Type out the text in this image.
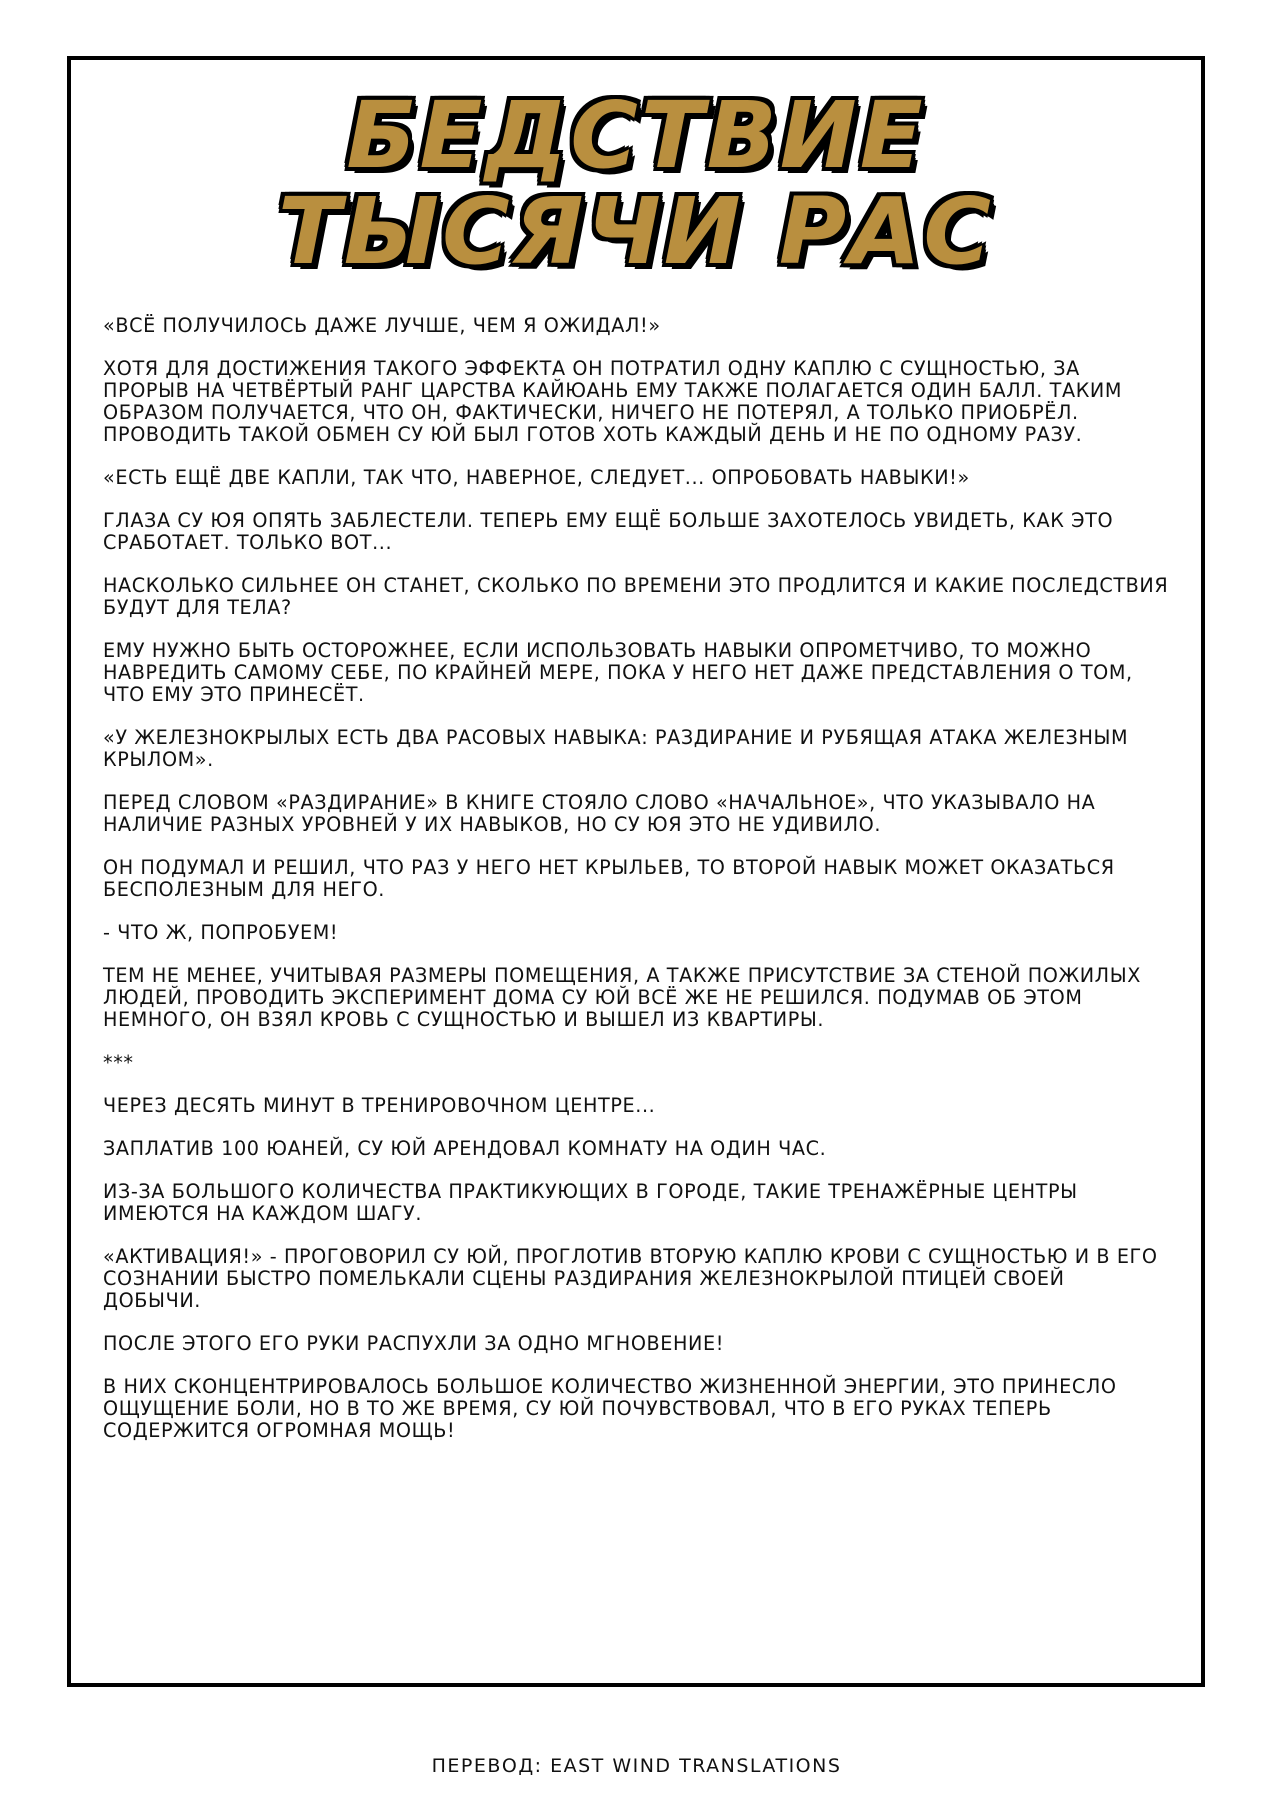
БЕДСТВИЕ
ТЫСЯЧИ РАС

«ВСЁ ПОЛУЧИЛОСЬ ДАЖЕ ЛУЧШЕ, ЧЕМ Я ОЖИДАЛ!»

ХОТЯ ДЛЯ ДОСТИЖЕНИЯ ТАКОГО ЭФФЕКТА ОН ПОТРАТИЛ ОДНУ КАПЛЮ С СУЩНОСТЬЮ, ЗА ПРОРЫВ НА ЧЕТВЁРТЫЙ РАНГ ЦАРСТВА КАЙЮАНЬ ЕМУ ТАКЖЕ ПОЛАГАЕТСЯ ОДИН БАЛЛ. ТАКИМ ОБРАЗОМ ПОЛУЧАЕТСЯ, ЧТО ОН, ФАКТИЧЕСКИ, НИЧЕГО НЕ ПОТЕРЯЛ, А ТОЛЬКО ПРИОБРЁЛ. ПРОВОДИТЬ ТАКОЙ ОБМЕН СУ ЮЙ БЫЛ ГОТОВ ХОТЬ КАЖДЫЙ ДЕНЬ И НЕ ПО ОДНОМУ РАЗУ.

«ЕСТЬ ЕЩЁ ДВЕ КАПЛИ, ТАК ЧТО, НАВЕРНОЕ, СЛЕДУЕТ... ОПРОБОВАТЬ НАВЫКИ!»

ГЛАЗА СУ ЮЯ ОПЯТЬ ЗАБЛЕСТЕЛИ. ТЕПЕРЬ ЕМУ ЕЩЁ БОЛЬШЕ ЗАХОТЕЛОСЬ УВИДЕТЬ, КАК ЭТО СРАБОТАЕТ. ТОЛЬКО ВОТ...

НАСКОЛЬКО СИЛЬНЕЕ ОН СТАНЕТ, СКОЛЬКО ПО ВРЕМЕНИ ЭТО ПРОДЛИТСЯ И КАКИЕ ПОСЛЕДСТВИЯ БУДУТ ДЛЯ ТЕЛА?

ЕМУ НУЖНО БЫТЬ ОСТОРОЖНЕЕ, ЕСЛИ ИСПОЛЬЗОВАТЬ НАВЫКИ ОПРОМЕТЧИВО, ТО МОЖНО НАВРЕДИТЬ САМОМУ СЕБЕ, ПО КРАЙНЕЙ МЕРЕ, ПОКА У НЕГО НЕТ ДАЖЕ ПРЕДСТАВЛЕНИЯ О ТОМ, ЧТО ЕМУ ЭТО ПРИНЕСЁТ.

«У ЖЕЛЕЗНОКРЫЛЫХ ЕСТЬ ДВА РАСОВЫХ НАВЫКА: РАЗДИРАНИЕ И РУБЯЩАЯ АТАКА ЖЕЛЕЗНЫМ КРЫЛОМ».

ПЕРЕД СЛОВОМ «РАЗДИРАНИЕ» В КНИГЕ СТОЯЛО СЛОВО «НАЧАЛЬНОЕ», ЧТО УКАЗЫВАЛО НА НАЛИЧИЕ РАЗНЫХ УРОВНЕЙ У ИХ НАВЫКОВ, НО СУ ЮЯ ЭТО НЕ УДИВИЛО.

ОН ПОДУМАЛ И РЕШИЛ, ЧТО РАЗ У НЕГО НЕТ КРЫЛЬЕВ, ТО ВТОРОЙ НАВЫК МОЖЕТ ОКАЗАТЬСЯ БЕСПОЛЕЗНЫМ ДЛЯ НЕГО.

- ЧТО Ж, ПОПРОБУЕМ!

ТЕМ НЕ МЕНЕЕ, УЧИТЫВАЯ РАЗМЕРЫ ПОМЕЩЕНИЯ, А ТАКЖЕ ПРИСУТСТВИЕ ЗА СТЕНОЙ ПОЖИЛЫХ ЛЮДЕЙ, ПРОВОДИТЬ ЭКСПЕРИМЕНТ ДОМА СУ ЮЙ ВСЁ ЖЕ НЕ РЕШИЛСЯ. ПОДУМАВ ОБ ЭТОМ НЕМНОГО, ОН ВЗЯЛ КРОВЬ С СУЩНОСТЬЮ И ВЫШЕЛ ИЗ КВАРТИРЫ.

***

ЧЕРЕЗ ДЕСЯТЬ МИНУТ В ТРЕНИРОВОЧНОМ ЦЕНТРЕ...

ЗАПЛАТИВ 100 ЮАНЕЙ, СУ ЮЙ АРЕНДОВАЛ КОМНАТУ НА ОДИН ЧАС.

ИЗ-ЗА БОЛЬШОГО КОЛИЧЕСТВА ПРАКТИКУЮЩИХ В ГОРОДЕ, ТАКИЕ ТРЕНАЖЁРНЫЕ ЦЕНТРЫ ИМЕЮТСЯ НА КАЖДОМ ШАГУ.

«АКТИВАЦИЯ!» - ПРОГОВОРИЛ СУ ЮЙ, ПРОГЛОТИВ ВТОРУЮ КАПЛЮ КРОВИ С СУЩНОСТЬЮ И В ЕГО СОЗНАНИИ БЫСТРО ПОМЕЛЬКАЛИ СЦЕНЫ РАЗДИРАНИЯ ЖЕЛЕЗНОКРЫЛОЙ ПТИЦЕЙ СВОЕЙ ДОБЫЧИ.

ПОСЛЕ ЭТОГО ЕГО РУКИ РАСПУХЛИ ЗА ОДНО МГНОВЕНИЕ!

В НИХ СКОНЦЕНТРИРОВАЛОСЬ БОЛЬШОЕ КОЛИЧЕСТВО ЖИЗНЕННОЙ ЭНЕРГИИ, ЭТО ПРИНЕСЛО ОЩУЩЕНИЕ БОЛИ, НО В ТО ЖЕ ВРЕМЯ, СУ ЮЙ ПОЧУВСТВОВАЛ, ЧТО В ЕГО РУКАХ ТЕПЕРЬ СОДЕРЖИТСЯ ОГРОМНАЯ МОЩЬ!

ПЕРЕВОД: EAST WIND TRANSLATIONS
